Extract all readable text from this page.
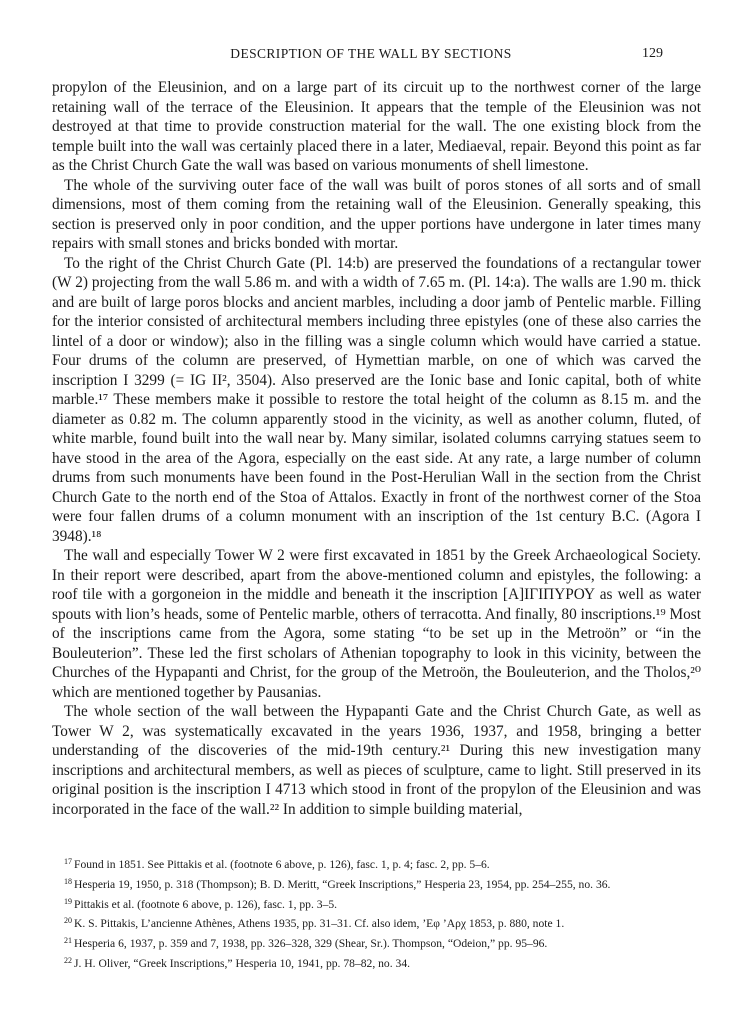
DESCRIPTION OF THE WALL BY SECTIONS	129

propylon of the Eleusinion, and on a large part of its circuit up to the northwest corner of the large retaining wall of the terrace of the Eleusinion. It appears that the temple of the Eleusinion was not destroyed at that time to provide construction material for the wall. The one existing block from the temple built into the wall was certainly placed there in a later, Mediaeval, repair. Beyond this point as far as the Christ Church Gate the wall was based on various monuments of shell limestone.

The whole of the surviving outer face of the wall was built of poros stones of all sorts and of small dimensions, most of them coming from the retaining wall of the Eleusinion. Generally speaking, this section is preserved only in poor condition, and the upper portions have undergone in later times many repairs with small stones and bricks bonded with mortar.

To the right of the Christ Church Gate (Pl. 14:b) are preserved the foundations of a rectangular tower (W 2) projecting from the wall 5.86 m. and with a width of 7.65 m. (Pl. 14:a). The walls are 1.90 m. thick and are built of large poros blocks and ancient marbles, including a door jamb of Pentelic marble. Filling for the interior consisted of architectural members including three epistyles (one of these also carries the lintel of a door or window); also in the filling was a single column which would have carried a statue. Four drums of the column are preserved, of Hymettian marble, on one of which was carved the inscription I 3299 (= IG II², 3504). Also preserved are the Ionic base and Ionic capital, both of white marble.¹⁷ These members make it possible to restore the total height of the column as 8.15 m. and the diameter as 0.82 m. The column apparently stood in the vicinity, as well as another column, fluted, of white marble, found built into the wall near by. Many similar, isolated columns carrying statues seem to have stood in the area of the Agora, especially on the east side. At any rate, a large number of column drums from such monuments have been found in the Post-Herulian Wall in the section from the Christ Church Gate to the north end of the Stoa of Attalos. Exactly in front of the northwest corner of the Stoa were four fallen drums of a column monument with an inscription of the 1st century B.C. (Agora I 3948).¹⁸

The wall and especially Tower W 2 were first excavated in 1851 by the Greek Archaeological Society. In their report were described, apart from the above-mentioned column and epistyles, the following: a roof tile with a gorgoneion in the middle and beneath it the inscription [Α]ΙΓΙΠΥΡΟΥ as well as water spouts with lion’s heads, some of Pentelic marble, others of terracotta. And finally, 80 inscriptions.¹⁹ Most of the inscriptions came from the Agora, some stating “to be set up in the Metroön” or “in the Bouleuterion”. These led the first scholars of Athenian topography to look in this vicinity, between the Churches of the Hypapanti and Christ, for the group of the Metroön, the Bouleuterion, and the Tholos,²⁰ which are mentioned together by Pausanias.

The whole section of the wall between the Hypapanti Gate and the Christ Church Gate, as well as Tower W 2, was systematically excavated in the years 1936, 1937, and 1958, bringing a better understanding of the discoveries of the mid-19th century.²¹ During this new investigation many inscriptions and architectural members, as well as pieces of sculpture, came to light. Still preserved in its original position is the inscription I 4713 which stood in front of the propylon of the Eleusinion and was incorporated in the face of the wall.²² In addition to simple building material,

$^{17}$ Found in 1851. See Pittakis et al. (footnote 6 above, p. 126), fasc. 1, p. 4; fasc. 2, pp. 5–6.

$^{18}$ Hesperia 19, 1950, p. 318 (Thompson); B. D. Meritt, “Greek Inscriptions,” Hesperia 23, 1954, pp. 254–255, no. 36.

$^{19}$ Pittakis et al. (footnote 6 above, p. 126), fasc. 1, pp. 3–5.

$^{20}$ K. S. Pittakis, L’ancienne Athènes, Athens 1935, pp. 31–31. Cf. also idem, ’Εφ ’Αρχ 1853, p. 880, note 1.

$^{21}$ Hesperia 6, 1937, p. 359 and 7, 1938, pp. 326–328, 329 (Shear, Sr.). Thompson, “Odeion,” pp. 95–96.

$^{22}$ J. H. Oliver, “Greek Inscriptions,” Hesperia 10, 1941, pp. 78–82, no. 34.
